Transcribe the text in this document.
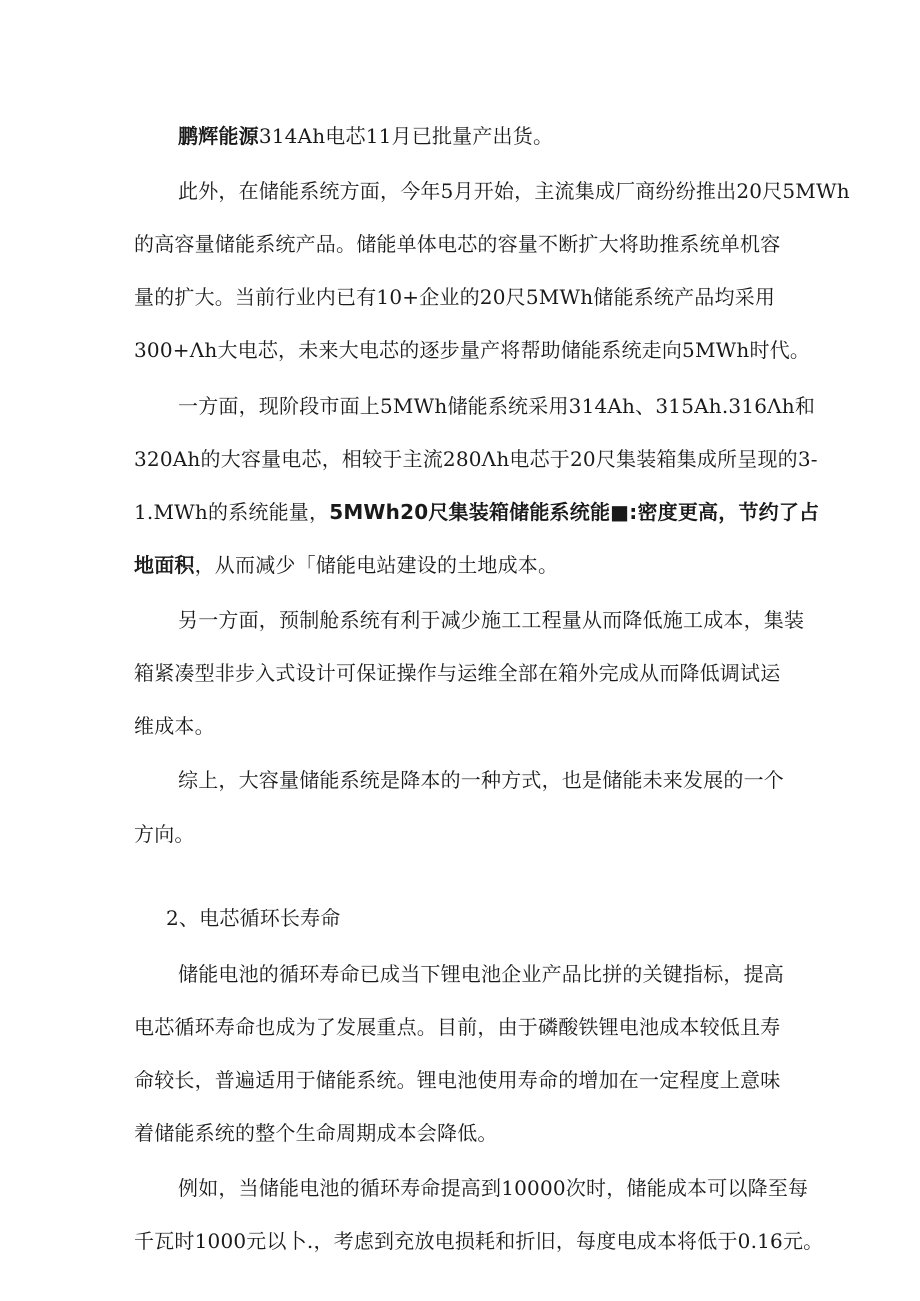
鹏辉能源314Ah电芯11月已批量产出货。
此外，在储能系统方面，今年5月开始，主流集成厂商纷纷推出20尺5MWh
的高容量储能系统产品。储能单体电芯的容量不断扩大将助推系统单机容
量的扩大。当前行业内已有10+企业的20尺5MWh储能系统产品均采用
300+Λh大电芯，未来大电芯的逐步量产将帮助储能系统走向5MWh时代。
一方面，现阶段市面上5MWh储能系统采用314Ah、315Ah.316Λh和
320Ah的大容量电芯，相较于主流280Λh电芯于20尺集装箱集成所呈现的3-
1.MWh的系统能量，5MWh20尺集装箱储能系统能■:密度更高，节约了占
地面积，从而减少「储能电站建设的土地成本。
另一方面，预制舱系统有利于减少施工工程量从而降低施工成本，集装
箱紧凑型非步入式设计可保证操作与运维全部在箱外完成从而降低调试运
维成本。
综上，大容量储能系统是降本的一种方式，也是储能未来发展的一个
方向。
2、电芯循环长寿命
储能电池的循环寿命已成当下锂电池企业产品比拼的关键指标，提高
电芯循环寿命也成为了发展重点。目前，由于磷酸铁锂电池成本较低且寿
命较长，普遍适用于储能系统。锂电池使用寿命的增加在一定程度上意味
着储能系统的整个生命周期成本会降低。
例如，当储能电池的循环寿命提高到10000次时，储能成本可以降至每
千瓦时1000元以卜.，考虑到充放电损耗和折旧，每度电成本将低于0.16元。
